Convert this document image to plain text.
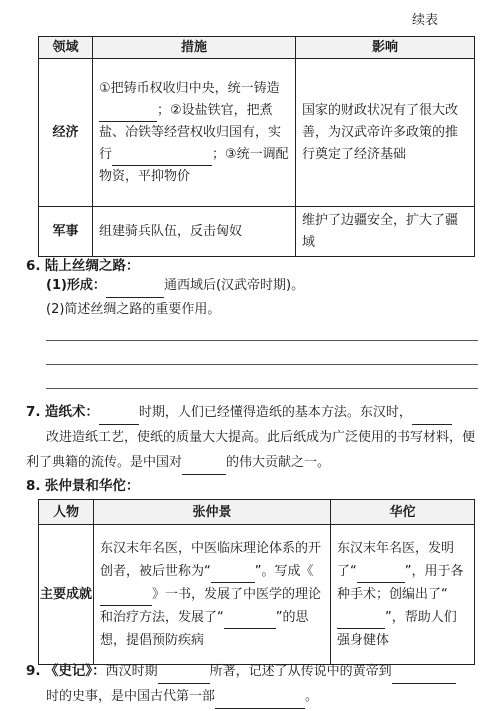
续表
领域	措施	影响
经济	①把铸币权收归中央，统一铸造；②设盐铁官，把煮盐、冶铁等经营权收归国有，实行 ；③统一调配物资，平抑物价	国家的财政状况有了很大改善，为汉武帝许多政策的推行奠定了经济基础
军事	组建骑兵队伍，反击匈奴	维护了边疆安全，扩大了疆域
6. 陆上丝绸之路：
(1)形成：	通西域后(汉武帝时期)。
(2)简述丝绸之路的重要作用。
7. 造纸术：	时期，人们已经懂得造纸的基本方法。东汉时，
改进造纸工艺，使纸的质量大大提高。此后纸成为广泛使用的书写材料，便利了典籍的流传。是中国对	的伟大贡献之一。
8. 张仲景和华佗：
人物	张仲景	华佗
主要成就	东汉末年名医，中医临床理论体系的开创者，被后世称为“ ”。写成《》一书，发展了中医学的理论和治疗方法，发展了“ ”的思想，提倡预防疾病	东汉末年名医，发明了“ ”，用于各种手术；创编出了“”，帮助人们强身健体
9. 《史记》：西汉时期	所著，记述了从传说中的黄帝到
时的史事，是中国古代第一部	。
